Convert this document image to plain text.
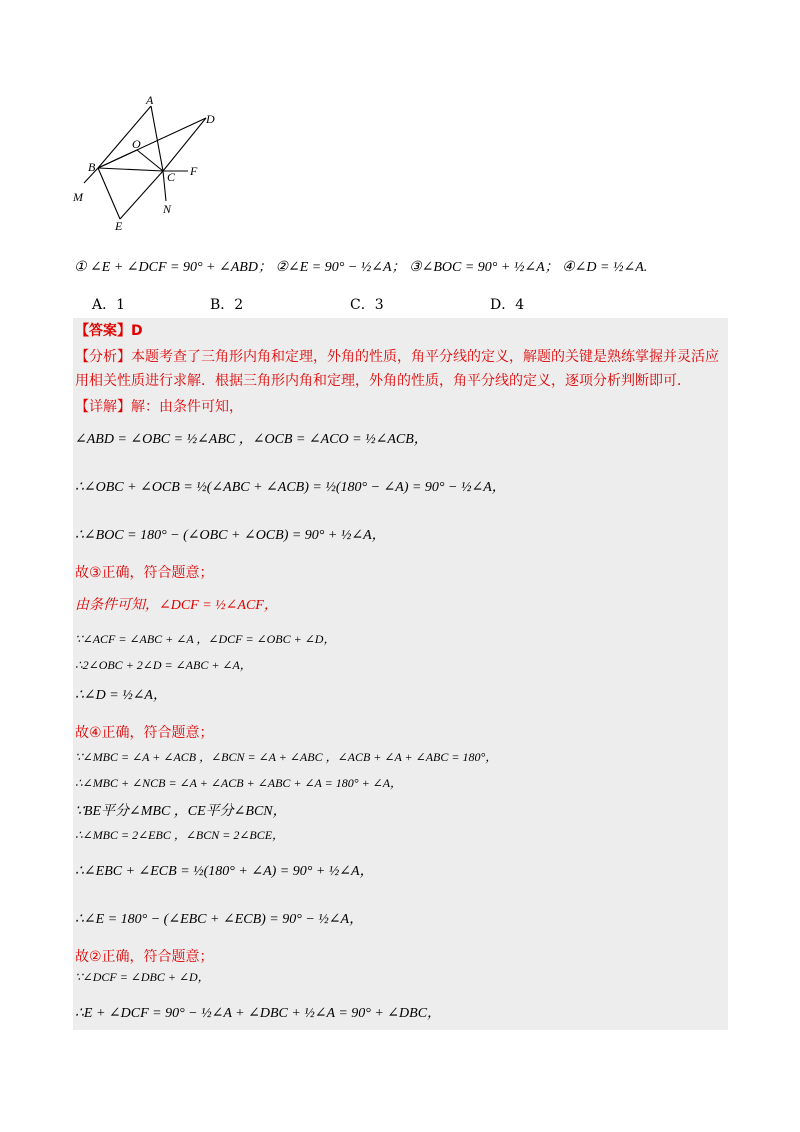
A
D
O
B
C F
M
N
E
① ∠E + ∠DCF = 90° + ∠ABD； ②∠E = 90° − ½∠A； ③∠BOC = 90° + ½∠A； ④∠D = ½∠A.
A．1	B．2	C．3	D．4
【答案】D
【分析】本题考查了三角形内角和定理，外角的性质，角平分线的定义，解题的关键是熟练掌握并灵活应
用相关性质进行求解．根据三角形内角和定理，外角的性质，角平分线的定义，逐项分析判断即可．
【详解】解：由条件可知，
∠ABD = ∠OBC = ½∠ABC ，∠OCB = ∠ACO = ½∠ACB，
∴∠OBC + ∠OCB = ½(∠ABC + ∠ACB) = ½(180° − ∠A) = 90° − ½∠A，
∴∠BOC = 180° − (∠OBC + ∠OCB) = 90° + ½∠A，
故③正确，符合题意；
由条件可知，∠DCF = ½∠ACF，
∵∠ACF = ∠ABC + ∠A ，∠DCF = ∠OBC + ∠D，
∴2∠OBC + 2∠D = ∠ABC + ∠A，
∴∠D = ½∠A，
故④正确，符合题意；
∵∠MBC = ∠A + ∠ACB ，∠BCN = ∠A + ∠ABC ，∠ACB + ∠A + ∠ABC = 180°，
∴∠MBC + ∠NCB = ∠A + ∠ACB + ∠ABC + ∠A = 180° + ∠A，
∵BE平分∠MBC ，CE平分∠BCN，
∴∠MBC = 2∠EBC ，∠BCN = 2∠BCE，
∴∠EBC + ∠ECB = ½(180° + ∠A) = 90° + ½∠A，
∴∠E = 180° − (∠EBC + ∠ECB) = 90° − ½∠A，
故②正确，符合题意；
∵∠DCF = ∠DBC + ∠D，
∴E + ∠DCF = 90° − ½∠A + ∠DBC + ½∠A = 90° + ∠DBC，
